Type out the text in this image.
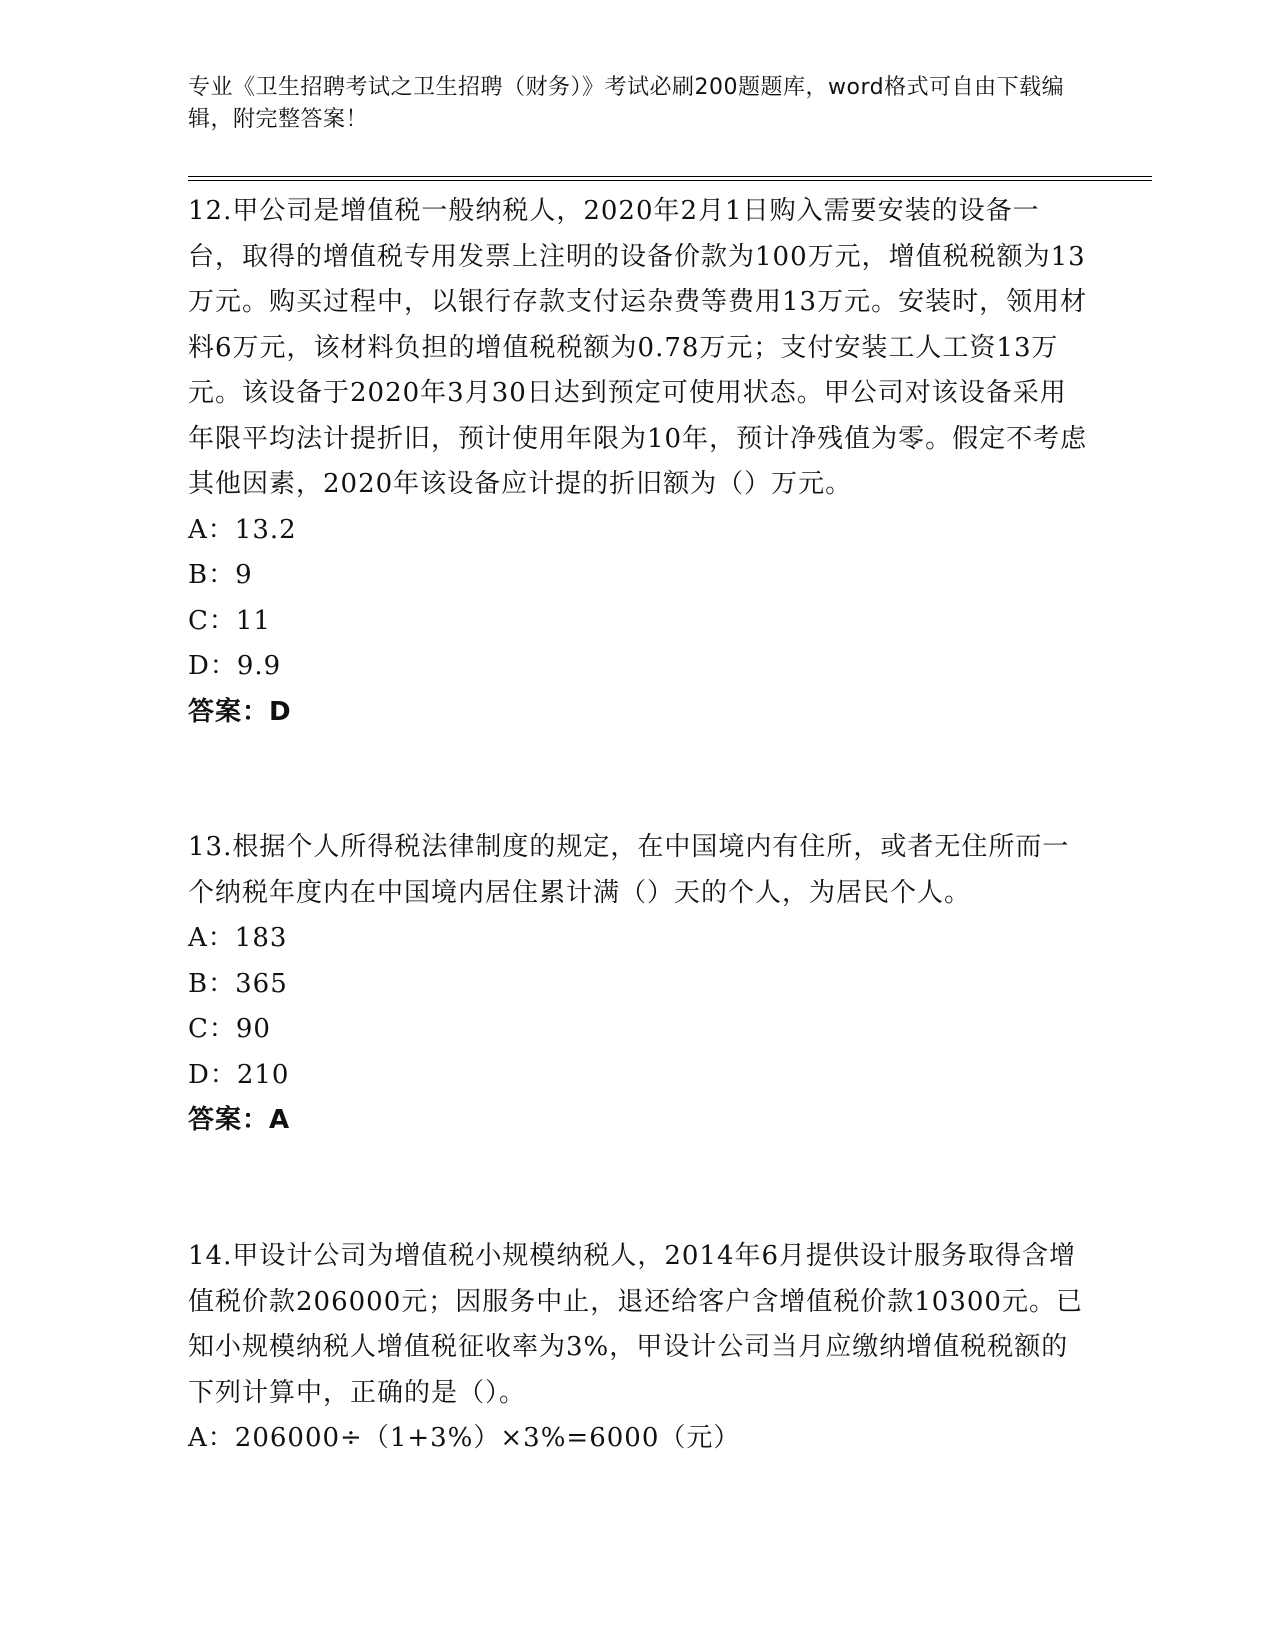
专业《卫生招聘考试之卫生招聘（财务）》考试必刷200题题库，word格式可自由下载编辑，附完整答案！

12.甲公司是增值税一般纳税人，2020年2月1日购入需要安装的设备一台，取得的增值税专用发票上注明的设备价款为100万元，增值税税额为13万元。购买过程中，以银行存款支付运杂费等费用13万元。安装时，领用材料6万元，该材料负担的增值税税额为0.78万元；支付安装工人工资13万元。该设备于2020年3月30日达到预定可使用状态。甲公司对该设备采用年限平均法计提折旧，预计使用年限为10年，预计净残值为零。假定不考虑其他因素，2020年该设备应计提的折旧额为（）万元。

A：13.2

B：9

C：11

D：9.9

答案：D

13.根据个人所得税法律制度的规定，在中国境内有住所，或者无住所而一个纳税年度内在中国境内居住累计满（）天的个人，为居民个人。

A：183

B：365

C：90

D：210

答案：A

14.甲设计公司为增值税小规模纳税人，2014年6月提供设计服务取得含增值税价款206000元；因服务中止，退还给客户含增值税价款10300元。已知小规模纳税人增值税征收率为3%，甲设计公司当月应缴纳增值税税额的下列计算中，正确的是（）。

A：206000÷（1+3%）×3%=6000（元）
